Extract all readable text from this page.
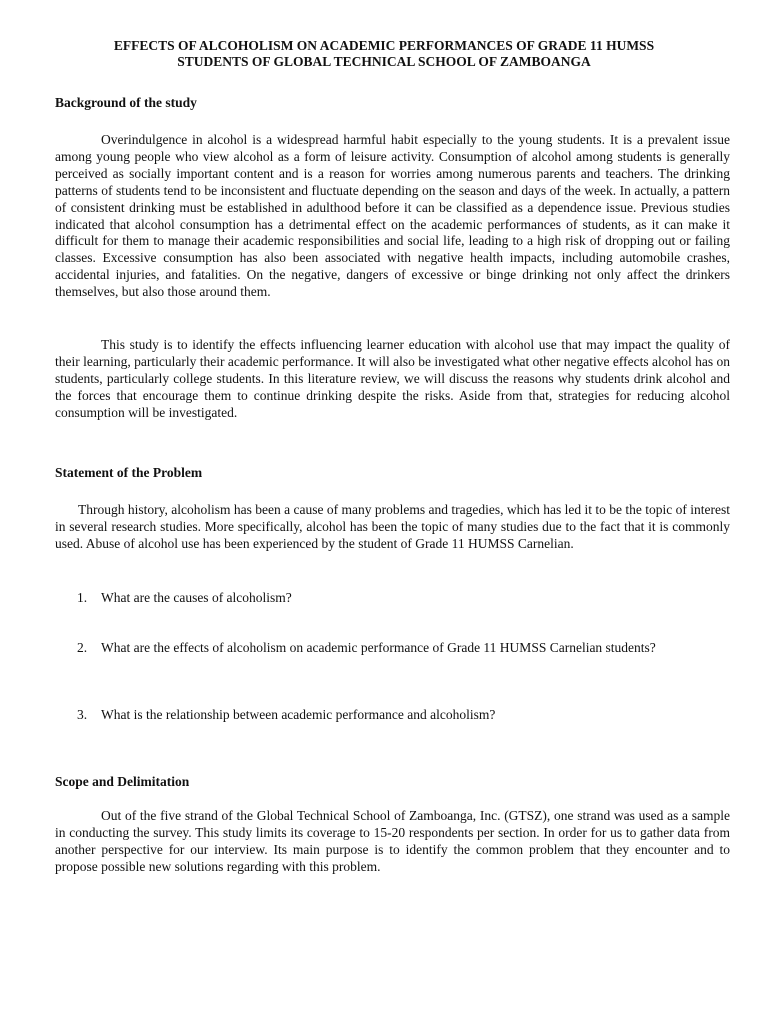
EFFECTS OF ALCOHOLISM ON ACADEMIC PERFORMANCES OF GRADE 11 HUMSS
STUDENTS OF GLOBAL TECHNICAL SCHOOL OF ZAMBOANGA
Background of the study

Overindulgence in alcohol is a widespread harmful habit especially to the young students. It is a prevalent issue among young people who view alcohol as a form of leisure activity. Consumption of alcohol among students is generally perceived as socially important content and is a reason for worries among numerous parents and teachers. The drinking patterns of students tend to be inconsistent and fluctuate depending on the season and days of the week. In actually, a pattern of consistent drinking must be established in adulthood before it can be classified as a dependence issue. Previous studies indicated that alcohol consumption has a detrimental effect on the academic performances of students, as it can make it difficult for them to manage their academic responsibilities and social life, leading to a high risk of dropping out or failing classes. Excessive consumption has also been associated with negative health impacts, including automobile crashes, accidental injuries, and fatalities. On the negative, dangers of excessive or binge drinking not only affect the drinkers themselves, but also those around them.

This study is to identify the effects influencing learner education with alcohol use that may impact the quality of their learning, particularly their academic performance. It will also be investigated what other negative effects alcohol has on students, particularly college students. In this literature review, we will discuss the reasons why students drink alcohol and the forces that encourage them to continue drinking despite the risks. Aside from that, strategies for reducing alcohol consumption will be investigated.

Statement of the Problem

Through history, alcoholism has been a cause of many problems and tragedies, which has led it to be the topic of interest in several research studies. More specifically, alcohol has been the topic of many studies due to the fact that it is commonly used. Abuse of alcohol use has been experienced by the student of Grade 11 HUMSS Carnelian.

1. What are the causes of alcoholism?
2. What are the effects of alcoholism on academic performance of Grade 11 HUMSS Carnelian students?
3. What is the relationship between academic performance and alcoholism?
Scope and Delimitation

Out of the five strand of the Global Technical School of Zamboanga, Inc. (GTSZ), one strand was used as a sample in conducting the survey. This study limits its coverage to 15-20 respondents per section. In order for us to gather data from another perspective for our interview. Its main purpose is to identify the common problem that they encounter and to propose possible new solutions regarding with this problem.
